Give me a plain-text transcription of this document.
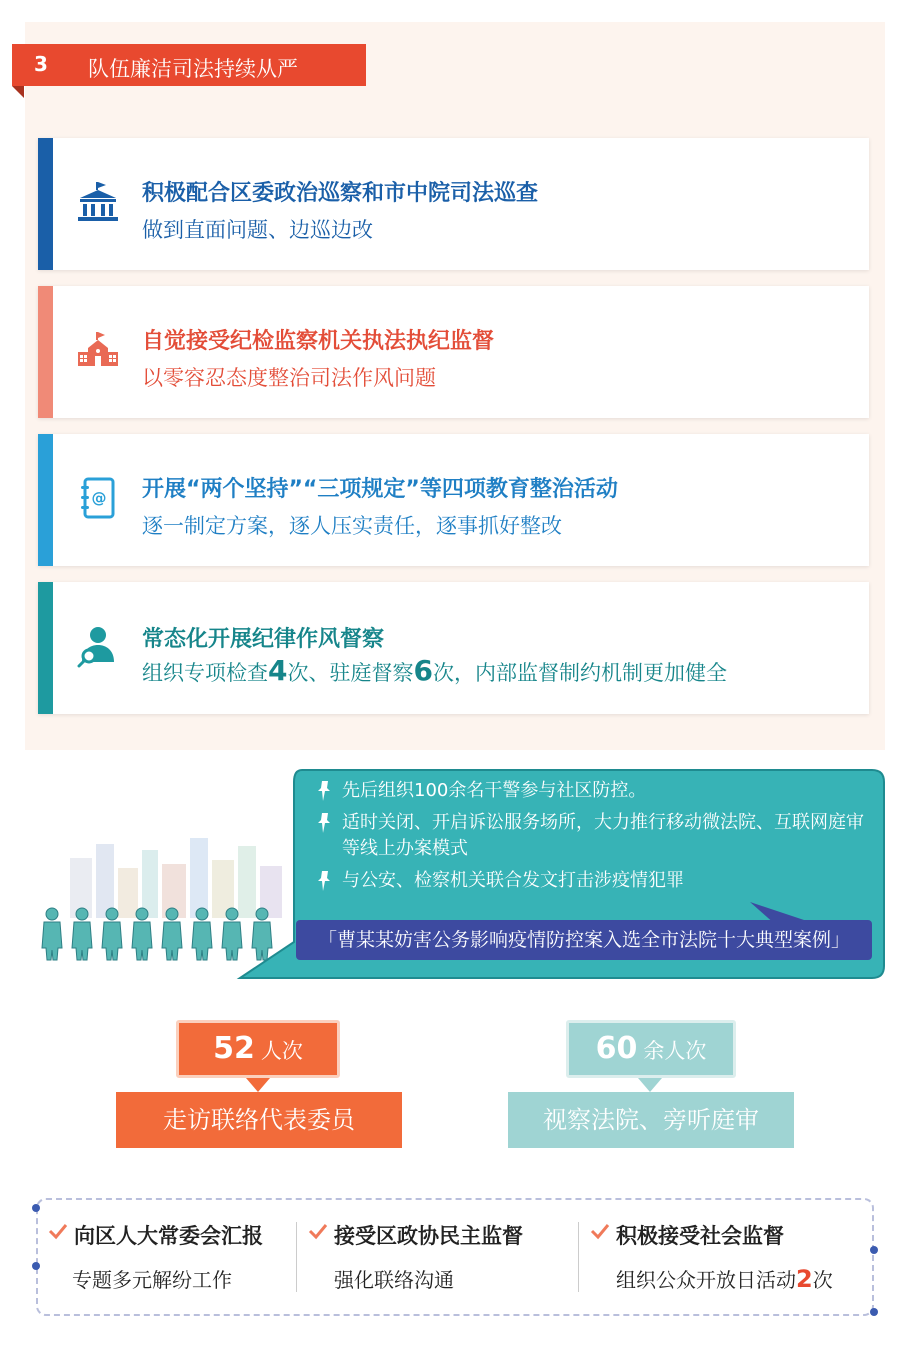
3 队伍廉洁司法持续从严
积极配合区委政治巡察和市中院司法巡查
做到直面问题、边巡边改
自觉接受纪检监察机关执法执纪监督
以零容忍态度整治司法作风问题
@ 开展“两个坚持”“三项规定”等四项教育整治活动
逐一制定方案，逐人压实责任，逐事抓好整改
常态化开展纪律作风督察
组织专项检查4次、驻庭督察6次，内部监督制约机制更加健全
先后组织100余名干警参与社区防控。
适时关闭、开启诉讼服务场所，大力推行移动微法院、互联网庭审等线上办案模式
与公安、检察机关联合发文打击涉疫情犯罪
「曹某某妨害公务影响疫情防控案入选全市法院十大典型案例」
52 人次
走访联络代表委员
60 余人次
视察法院、旁听庭审
向区人大常委会汇报
专题多元解纷工作
接受区政协民主监督
强化联络沟通
积极接受社会监督
组织公众开放日活动2次
